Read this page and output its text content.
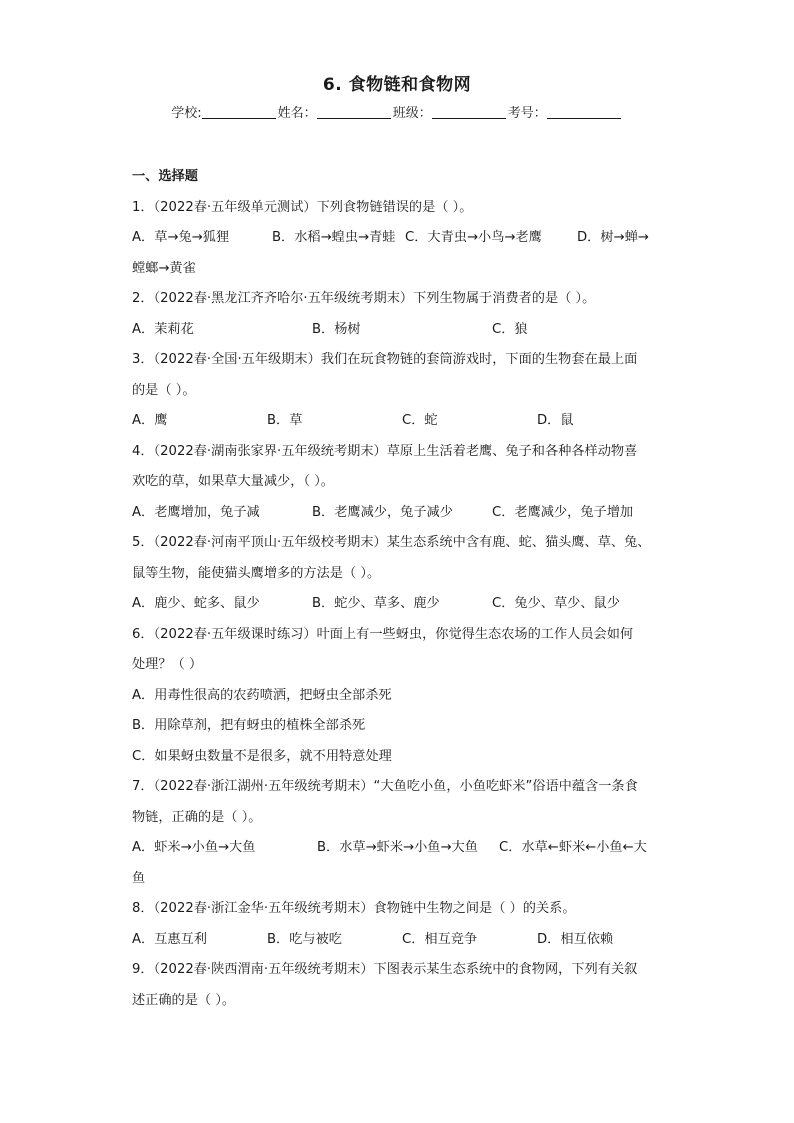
6. 食物链和食物网
学校:	姓名：	班级：	考号：
一、选择题
1．（2022春·五年级单元测试）下列食物链错误的是（ ）。
A．草→兔→狐狸	B．水稻→蝗虫→青蛙 C．大青虫→小鸟→老鹰	D．树→蝉→
螳螂→黄雀
2．（2022春·黑龙江齐齐哈尔·五年级统考期末）下列生物属于消费者的是（ ）。
A．茉莉花	B．杨树	C．狼
3．（2022春·全国·五年级期末）我们在玩食物链的套筒游戏时，下面的生物套在最上面
的是（ ）。
A．鹰	B．草	C．蛇	D．鼠
4．（2022春·湖南张家界·五年级统考期末）草原上生活着老鹰、兔子和各种各样动物喜
欢吃的草，如果草大量减少，（ ）。
A．老鹰增加，兔子减	B．老鹰减少，兔子减少	C．老鹰减少，兔子增加
5．（2022春·河南平顶山·五年级校考期末）某生态系统中含有鹿、蛇、猫头鹰、草、兔、
鼠等生物，能使猫头鹰增多的方法是（ ）。
A．鹿少、蛇多、鼠少	B．蛇少、草多、鹿少	C．兔少、草少、鼠少
6．（2022春·五年级课时练习）叶面上有一些蚜虫，你觉得生态农场的工作人员会如何
处理？（ ）
A．用毒性很高的农药喷洒，把蚜虫全部杀死
B．用除草剂，把有蚜虫的植株全部杀死
C．如果蚜虫数量不是很多，就不用特意处理
7．（2022春·浙江湖州·五年级统考期末）“大鱼吃小鱼，小鱼吃虾米”俗语中蕴含一条食
物链，正确的是（ ）。
A．虾米→小鱼→大鱼	B．水草→虾米→小鱼→大鱼	C．水草←虾米←小鱼←大
鱼
8．（2022春·浙江金华·五年级统考期末）食物链中生物之间是（ ）的关系。
A．互惠互利	B．吃与被吃	C．相互竞争	D．相互依赖
9．（2022春·陕西渭南·五年级统考期末）下图表示某生态系统中的食物网，下列有关叙
述正确的是（ ）。
